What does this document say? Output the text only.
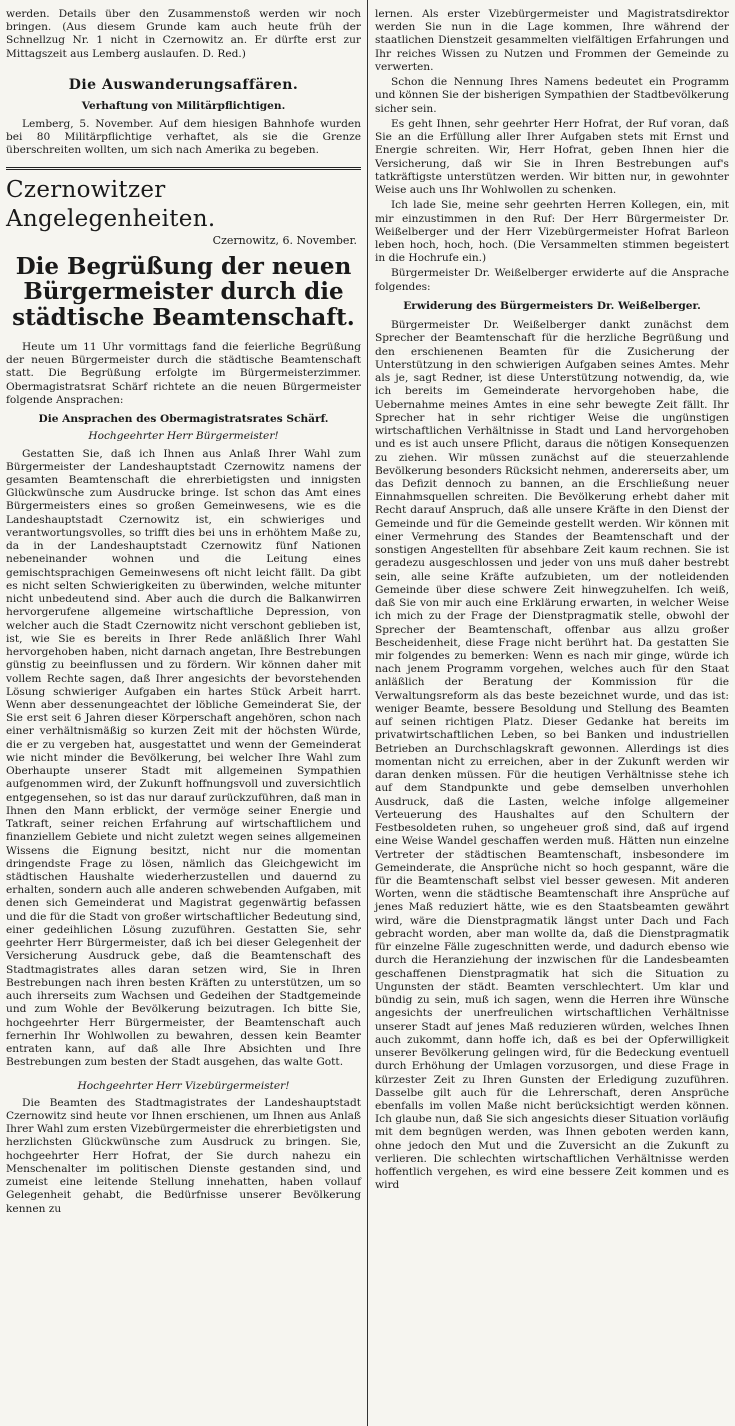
werden. Details über den Zusammenstoß werden wir noch bringen. (Aus diesem Grunde kam auch heute früh der Schnellzug Nr. 1 nicht in Czernowitz an. Er dürfte erst zur Mittagszeit aus Lemberg auslaufen. D. Red.)

Die Auswanderungsaffären.
Verhaftung von Militärpflichtigen.

Lemberg, 5. November. Auf dem hiesigen Bahnhofe wurden bei 80 Militärpflichtige verhaftet, als sie die Grenze überschreiten wollten, um sich nach Amerika zu begeben.

Czernowitzer Angelegenheiten.
Czernowitz, 6. November.
Die Begrüßung der neuen Bürgermeister durch die städtische Beamtenschaft.

Heute um 11 Uhr vormittags fand die feierliche Begrüßung der neuen Bürgermeister durch die städtische Beamtenschaft statt. Die Begrüßung erfolgte im Bürgermeisterzimmer. Obermagistratsrat Schärf richtete an die neuen Bürgermeister folgende Ansprachen:

Die Ansprachen des Obermagistratsrates Schärf.
Hochgeehrter Herr Bürgermeister!

Gestatten Sie, daß ich Ihnen aus Anlaß Ihrer Wahl zum Bürgermeister der Landeshauptstadt Czernowitz namens der gesamten Beamtenschaft die ehrerbietigsten und innigsten Glückwünsche zum Ausdrucke bringe. Ist schon das Amt eines Bürgermeisters eines so großen Gemeinwesens, wie es die Landeshauptstadt Czernowitz ist, ein schwieriges und verantwortungsvolles, so trifft dies bei uns in erhöhtem Maße zu, da in der Landeshauptstadt Czernowitz fünf Nationen nebeneinander wohnen und die Leitung eines gemischtsprachigen Gemeinwesens oft nicht leicht fällt. Da gibt es nicht selten Schwierigkeiten zu überwinden, welche mitunter nicht unbedeutend sind. Aber auch die durch die Balkanwirren hervorgerufene allgemeine wirtschaftliche Depression, von welcher auch die Stadt Czernowitz nicht verschont geblieben ist, ist, wie Sie es bereits in Ihrer Rede anläßlich Ihrer Wahl hervorgehoben haben, nicht darnach angetan, Ihre Bestrebungen günstig zu beeinflussen und zu fördern. Wir können daher mit vollem Rechte sagen, daß Ihrer angesichts der bevorstehenden Lösung schwieriger Aufgaben ein hartes Stück Arbeit harrt. Wenn aber dessenungeachtet der löbliche Gemeinderat Sie, der Sie erst seit 6 Jahren dieser Körperschaft angehören, schon nach einer verhältnismäßig so kurzen Zeit mit der höchsten Würde, die er zu vergeben hat, ausgestattet und wenn der Gemeinderat wie nicht minder die Bevölkerung, bei welcher Ihre Wahl zum Oberhaupte unserer Stadt mit allgemeinen Sympathien aufgenommen wird, der Zukunft hoffnungsvoll und zuversichtlich entgegensehen, so ist das nur darauf zurückzuführen, daß man in Ihnen den Mann erblickt, der vermöge seiner Energie und Tatkraft, seiner reichen Erfahrung auf wirtschaftlichem und finanziellem Gebiete und nicht zuletzt wegen seines allgemeinen Wissens die Eignung besitzt, nicht nur die momentan dringendste Frage zu lösen, nämlich das Gleichgewicht im städtischen Haushalte wiederherzustellen und dauernd zu erhalten, sondern auch alle anderen schwebenden Aufgaben, mit denen sich Gemeinderat und Magistrat gegenwärtig befassen und die für die Stadt von großer wirtschaftlicher Bedeutung sind, einer gedeihlichen Lösung zuzuführen. Gestatten Sie, sehr geehrter Herr Bürgermeister, daß ich bei dieser Gelegenheit der Versicherung Ausdruck gebe, daß die Beamtenschaft des Stadtmagistrates alles daran setzen wird, Sie in Ihren Bestrebungen nach ihren besten Kräften zu unterstützen, um so auch ihrerseits zum Wachsen und Gedeihen der Stadtgemeinde und zum Wohle der Bevölkerung beizutragen. Ich bitte Sie, hochgeehrter Herr Bürgermeister, der Beamtenschaft auch fernerhin Ihr Wohlwollen zu bewahren, dessen kein Beamter entraten kann, auf daß alle Ihre Absichten und Ihre Bestrebungen zum besten der Stadt ausgehen, das walte Gott.

Hochgeehrter Herr Vizebürgermeister!

Die Beamten des Stadtmagistrates der Landeshauptstadt Czernowitz sind heute vor Ihnen erschienen, um Ihnen aus Anlaß Ihrer Wahl zum ersten Vizebürgermeister die ehrerbietigsten und herzlichsten Glückwünsche zum Ausdruck zu bringen. Sie, hochgeehrter Herr Hofrat, der Sie durch nahezu ein Menschenalter im politischen Dienste gestanden sind, und zumeist eine leitende Stellung innehatten, haben vollauf Gelegenheit gehabt, die Bedürfnisse unserer Bevölkerung kennen zu

lernen. Als erster Vizebürgermeister und Magistratsdirektor werden Sie nun in die Lage kommen, Ihre während der staatlichen Dienstzeit gesammelten vielfältigen Erfahrungen und Ihr reiches Wissen zu Nutzen und Frommen der Gemeinde zu verwerten.

Schon die Nennung Ihres Namens bedeutet ein Programm und können Sie der bisherigen Sympathien der Stadtbevölkerung sicher sein.

Es geht Ihnen, sehr geehrter Herr Hofrat, der Ruf voran, daß Sie an die Erfüllung aller Ihrer Aufgaben stets mit Ernst und Energie schreiten. Wir, Herr Hofrat, geben Ihnen hier die Versicherung, daß wir Sie in Ihren Bestrebungen auf's tatkräftigste unterstützen werden. Wir bitten nur, in gewohnter Weise auch uns Ihr Wohlwollen zu schenken.

Ich lade Sie, meine sehr geehrten Herren Kollegen, ein, mit mir einzustimmen in den Ruf: Der Herr Bürgermeister Dr. Weißelberger und der Herr Vizebürgermeister Hofrat Barleon leben hoch, hoch, hoch. (Die Versammelten stimmen begeistert in die Hochrufe ein.)

Bürgermeister Dr. Weißelberger erwiderte auf die Ansprache folgendes:

Erwiderung des Bürgermeisters Dr. Weißelberger.

Bürgermeister Dr. Weißelberger dankt zunächst dem Sprecher der Beamtenschaft für die herzliche Begrüßung und den erschienenen Beamten für die Zusicherung der Unterstützung in den schwierigen Aufgaben seines Amtes. Mehr als je, sagt Redner, ist diese Unterstützung notwendig, da, wie ich bereits im Gemeinderate hervorgehoben habe, die Uebernahme meines Amtes in eine sehr bewegte Zeit fällt. Ihr Sprecher hat in sehr richtiger Weise die ungünstigen wirtschaftlichen Verhältnisse in Stadt und Land hervorgehoben und es ist auch unsere Pflicht, daraus die nötigen Konsequenzen zu ziehen. Wir müssen zunächst auf die steuerzahlende Bevölkerung besonders Rücksicht nehmen, andererseits aber, um das Defizit dennoch zu bannen, an die Erschließung neuer Einnahmsquellen schreiten. Die Bevölkerung erhebt daher mit Recht darauf Anspruch, daß alle unsere Kräfte in den Dienst der Gemeinde und für die Gemeinde gestellt werden. Wir können mit einer Vermehrung des Standes der Beamtenschaft und der sonstigen Angestellten für absehbare Zeit kaum rechnen. Sie ist geradezu ausgeschlossen und jeder von uns muß daher bestrebt sein, alle seine Kräfte aufzubieten, um der notleidenden Gemeinde über diese schwere Zeit hinwegzuhelfen. Ich weiß, daß Sie von mir auch eine Erklärung erwarten, in welcher Weise ich mich zu der Frage der Dienstpragmatik stelle, obwohl der Sprecher der Beamtenschaft, offenbar aus allzu großer Bescheidenheit, diese Frage nicht berührt hat. Da gestatten Sie mir folgendes zu bemerken: Wenn es nach mir ginge, würde ich nach jenem Programm vorgehen, welches auch für den Staat anläßlich der Beratung der Kommission für die Verwaltungsreform als das beste bezeichnet wurde, und das ist: weniger Beamte, bessere Besoldung und Stellung des Beamten auf seinen richtigen Platz. Dieser Gedanke hat bereits im privatwirtschaftlichen Leben, so bei Banken und industriellen Betrieben an Durchschlagskraft gewonnen. Allerdings ist dies momentan nicht zu erreichen, aber in der Zukunft werden wir daran denken müssen. Für die heutigen Verhältnisse stehe ich auf dem Standpunkte und gebe demselben unverhohlen Ausdruck, daß die Lasten, welche infolge allgemeiner Verteuerung des Haushaltes auf den Schultern der Festbesoldeten ruhen, so ungeheuer groß sind, daß auf irgend eine Weise Wandel geschaffen werden muß. Hätten nun einzelne Vertreter der städtischen Beamtenschaft, insbesondere im Gemeinderate, die Ansprüche nicht so hoch gespannt, wäre die für die Beamtenschaft selbst viel besser gewesen. Mit anderen Worten, wenn die städtische Beamtenschaft ihre Ansprüche auf jenes Maß reduziert hätte, wie es den Staatsbeamten gewährt wird, wäre die Dienstpragmatik längst unter Dach und Fach gebracht worden, aber man wollte da, daß die Dienstpragmatik für einzelne Fälle zugeschnitten werde, und dadurch ebenso wie durch die Heranziehung der inzwischen für die Landesbeamten geschaffenen Dienstpragmatik hat sich die Situation zu Ungunsten der städt. Beamten verschlechtert. Um klar und bündig zu sein, muß ich sagen, wenn die Herren ihre Wünsche angesichts der unerfreulichen wirtschaftlichen Verhältnisse unserer Stadt auf jenes Maß reduzieren würden, welches Ihnen auch zukommt, dann hoffe ich, daß es bei der Opferwilligkeit unserer Bevölkerung gelingen wird, für die Bedeckung eventuell durch Erhöhung der Umlagen vorzusorgen, und diese Frage in kürzester Zeit zu Ihren Gunsten der Erledigung zuzuführen. Dasselbe gilt auch für die Lehrerschaft, deren Ansprüche ebenfalls im vollen Maße nicht berücksichtigt werden können. Ich glaube nun, daß Sie sich angesichts dieser Situation vorläufig mit dem begnügen werden, was Ihnen geboten werden kann, ohne jedoch den Mut und die Zuversicht an die Zukunft zu verlieren. Die schlechten wirtschaftlichen Verhältnisse werden hoffentlich vergehen, es wird eine bessere Zeit kommen und es wird
